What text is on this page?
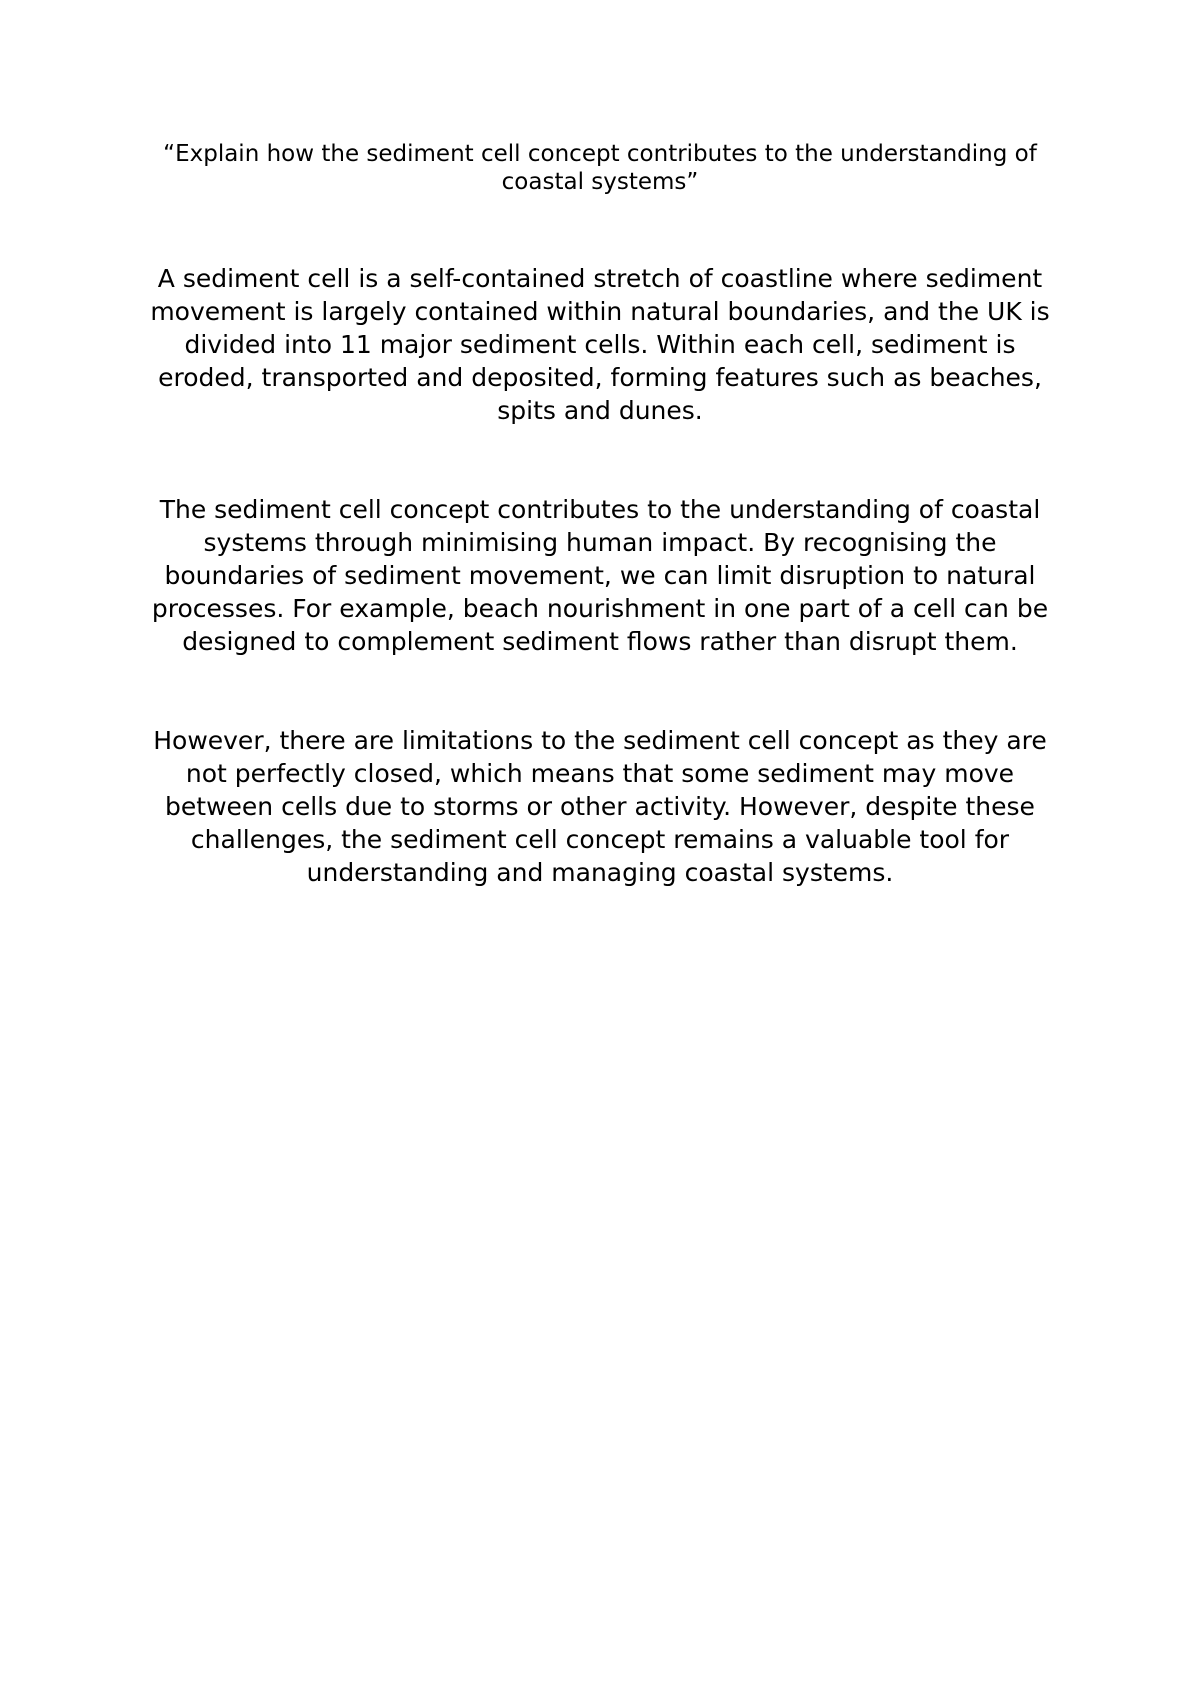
“Explain how the sediment cell concept contributes to the understanding of coastal systems”

A sediment cell is a self-contained stretch of coastline where sediment movement is largely contained within natural boundaries, and the UK is divided into 11 major sediment cells. Within each cell, sediment is eroded, transported and deposited, forming features such as beaches, spits and dunes.

The sediment cell concept contributes to the understanding of coastal systems through minimising human impact. By recognising the boundaries of sediment movement, we can limit disruption to natural processes. For example, beach nourishment in one part of a cell can be designed to complement sediment flows rather than disrupt them.

However, there are limitations to the sediment cell concept as they are not perfectly closed, which means that some sediment may move between cells due to storms or other activity. However, despite these challenges, the sediment cell concept remains a valuable tool for understanding and managing coastal systems.
